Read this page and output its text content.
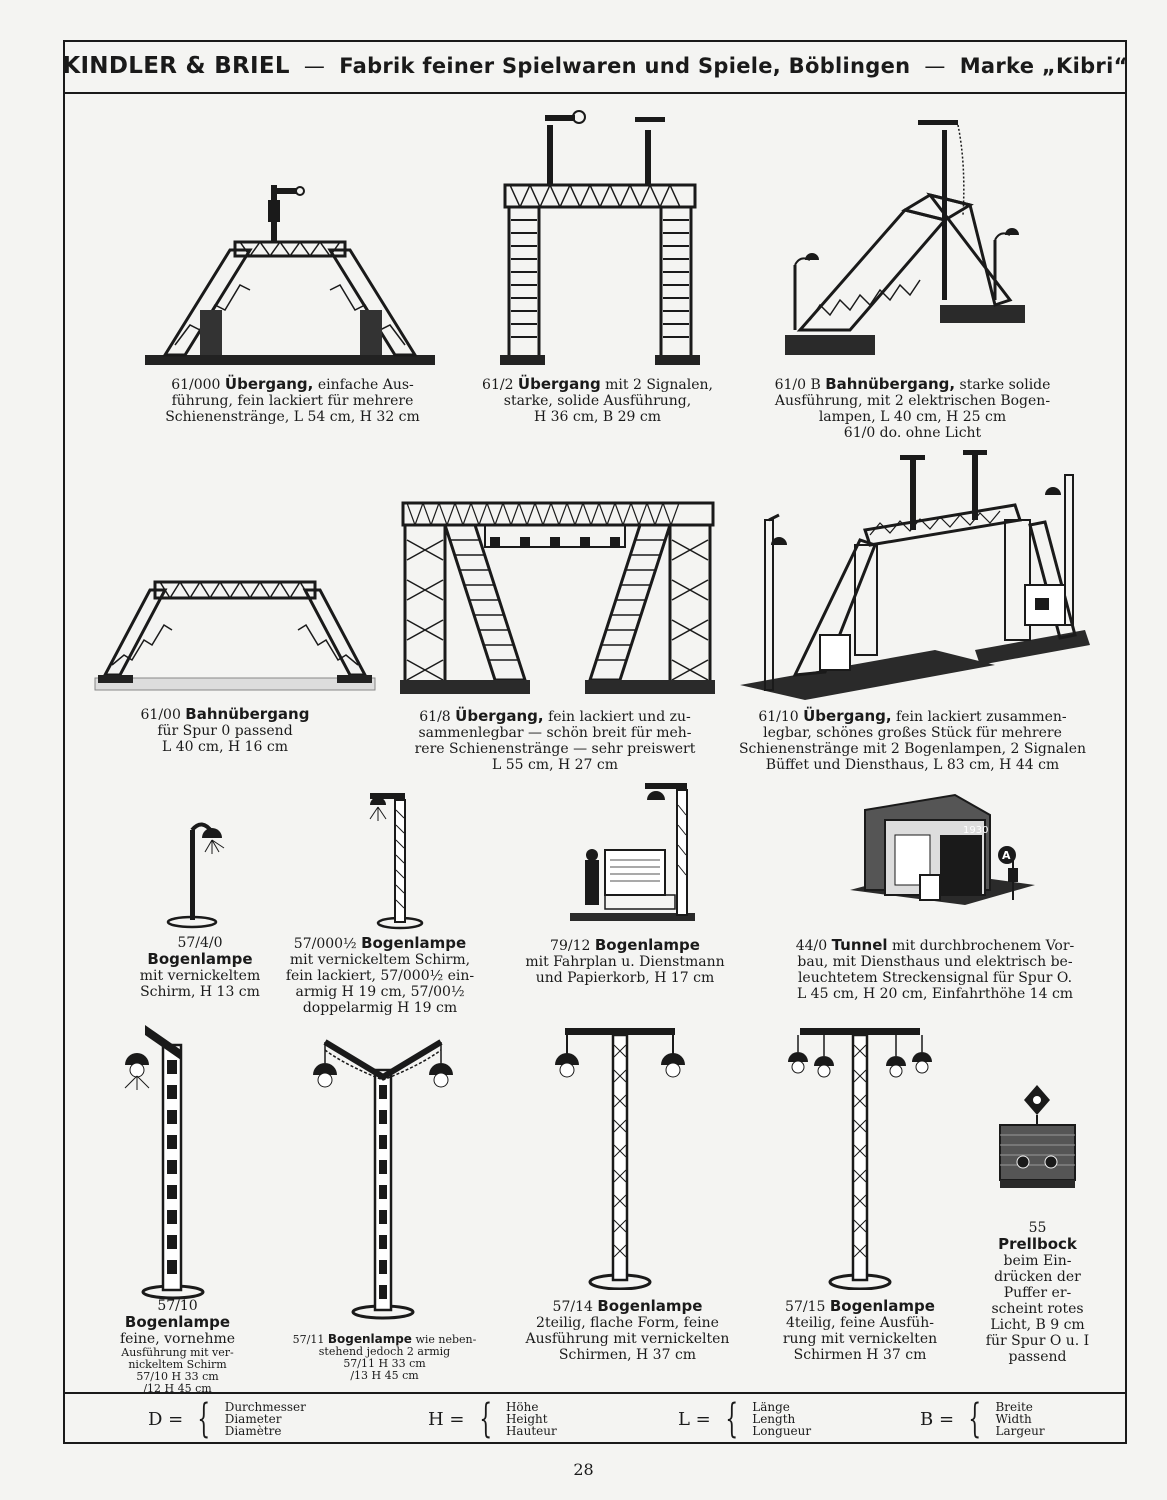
KINDLER & BRIEL — Fabrik feiner Spielwaren und Spiele, Böblingen — Marke „Kibri“
1930
A
61/000 Übergang, einfache Aus-
führung, fein lackiert für mehrere
Schienenstränge, L 54 cm, H 32 cm
61/2 Übergang mit 2 Signalen,
starke, solide Ausführung,
H 36 cm, B 29 cm
61/0 B Bahnübergang, starke solide
Ausführung, mit 2 elektrischen Bogen-
lampen, L 40 cm, H 25 cm
61/0 do. ohne Licht
61/00 Bahnübergang
für Spur 0 passend
L 40 cm, H 16 cm
61/8 Übergang, fein lackiert und zu-
sammenlegbar — schön breit für meh-
rere Schienenstränge — sehr preiswert
L 55 cm, H 27 cm
61/10 Übergang, fein lackiert zusammen-
legbar, schönes großes Stück für mehrere
Schienenstränge mit 2 Bogenlampen, 2 Signalen
Büffet und Diensthaus, L 83 cm, H 44 cm
57/4/0
Bogenlampe
mit vernickeltem
Schirm, H 13 cm
57/000½ Bogenlampe
mit vernickeltem Schirm,
fein lackiert, 57/000½ ein-
armig H 19 cm, 57/00½
doppelarmig H 19 cm
79/12 Bogenlampe
mit Fahrplan u. Dienstmann
und Papierkorb, H 17 cm
44/0 Tunnel mit durchbrochenem Vor-
bau, mit Diensthaus und elektrisch be-
leuchtetem Streckensignal für Spur O.
L 45 cm, H 20 cm, Einfahrthöhe 14 cm
57/10
Bogenlampe
feine, vornehme
Ausführung mit ver-
nickeltem Schirm
57/10 H 33 cm
/12 H 45 cm
57/11 Bogenlampe wie neben-
stehend jedoch 2 armig
57/11 H 33 cm
/13 H 45 cm
57/14 Bogenlampe
2teilig, flache Form, feine
Ausführung mit vernickelten
Schirmen, H 37 cm
57/15 Bogenlampe
4teilig, feine Ausfüh-
rung mit vernickelten
Schirmen H 37 cm
55
Prellbock
beim Ein-
drücken der
Puffer er-
scheint rotes
Licht, B 9 cm
für Spur O u. I
passend
D = { Durchmesser
Diameter
Diamètre
H = { Höhe
Height
Hauteur
L = { Länge
Length
Longueur
B = { Breite
Width
Largeur
28
